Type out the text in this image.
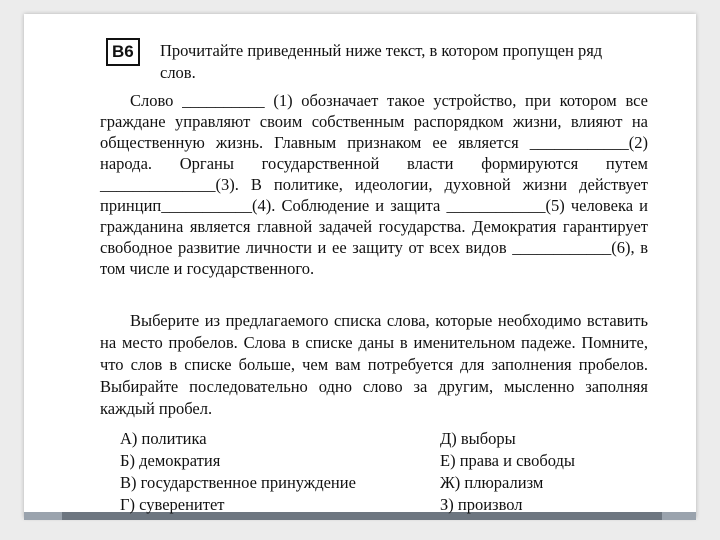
B6	Прочитайте приведенный ниже текст, в котором пропущен ряд слов.

Слово __________ (1) обозначает такое устройство, при котором все граждане управляют своим собственным распорядком жизни, влияют на общественную жизнь. Главным признаком ее является ____________(2) народа. Органы государственной власти формируются путем ______________(3). В политике, идеологии, духовной жизни действует принцип___________(4). Соблюдение и защита ____________(5) человека и гражданина является главной задачей государства. Демократия гарантирует свободное развитие личности и ее защиту от всех видов ____________(6), в том числе и государственного.

Выберите из предлагаемого списка слова, которые необходимо вставить на место пробелов. Слова в списке даны в именительном падеже. Помните, что слов в списке больше, чем вам потребуется для заполнения пробелов. Выбирайте последовательно одно слово за другим, мысленно заполняя каждый пробел.

А) политика	Д) выборы
Б) демократия	Е) права и свободы
В) государственное принуждение	Ж) плюрализм
Г) суверенитет	З) произвол
